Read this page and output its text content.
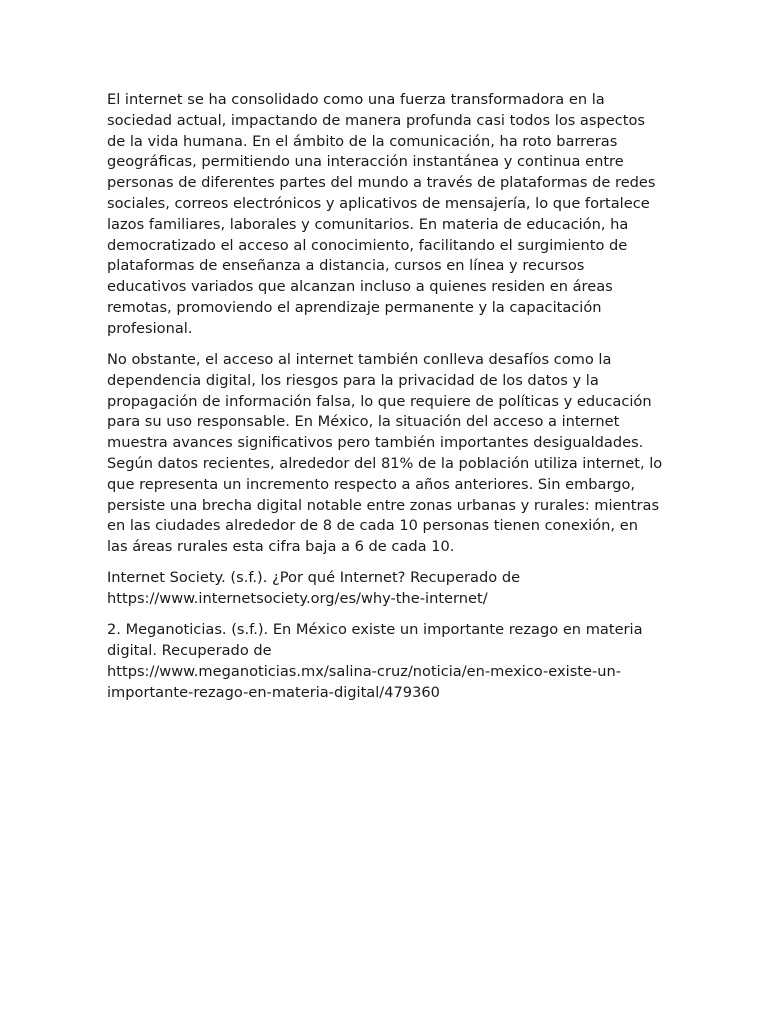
El internet se ha consolidado como una fuerza transformadora en la sociedad actual, impactando de manera profunda casi todos los aspectos de la vida humana. En el ámbito de la comunicación, ha roto barreras geográficas, permitiendo una interacción instantánea y continua entre personas de diferentes partes del mundo a través de plataformas de redes sociales, correos electrónicos y aplicativos de mensajería, lo que fortalece lazos familiares, laborales y comunitarios. En materia de educación, ha democratizado el acceso al conocimiento, facilitando el surgimiento de plataformas de enseñanza a distancia, cursos en línea y recursos educativos variados que alcanzan incluso a quienes residen en áreas remotas, promoviendo el aprendizaje permanente y la capacitación profesional.

No obstante, el acceso al internet también conlleva desafíos como la dependencia digital, los riesgos para la privacidad de los datos y la propagación de información falsa, lo que requiere de políticas y educación para su uso responsable. En México, la situación del acceso a internet muestra avances significativos pero también importantes desigualdades. Según datos recientes, alrededor del 81% de la población utiliza internet, lo que representa un incremento respecto a años anteriores. Sin embargo, persiste una brecha digital notable entre zonas urbanas y rurales: mientras en las ciudades alrededor de 8 de cada 10 personas tienen conexión, en las áreas rurales esta cifra baja a 6 de cada 10.

Internet Society. (s.f.). ¿Por qué Internet? Recuperado de
https://www.internetsociety.org/es/why-the-internet/

2. Meganoticias. (s.f.). En México existe un importante rezago en materia digital. Recuperado de
https://www.meganoticias.mx/salina-cruz/noticia/en-mexico-existe-un-
importante-rezago-en-materia-digital/479360
